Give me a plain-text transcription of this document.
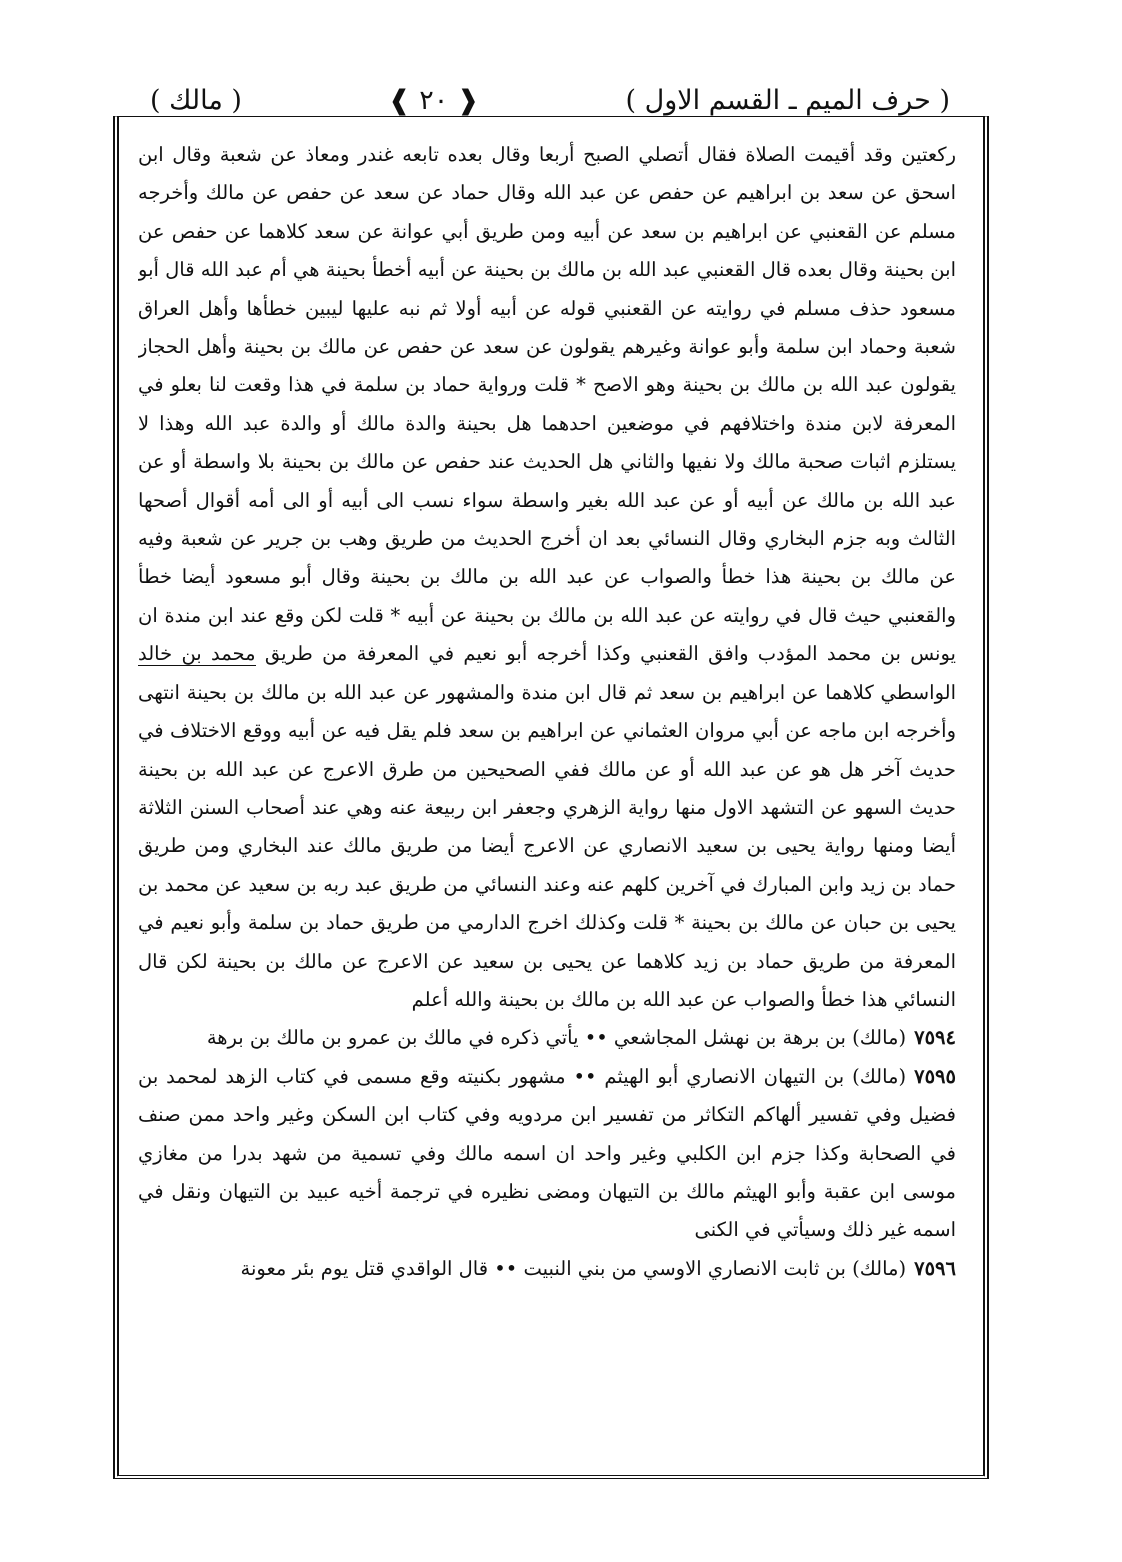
( حرف الميم ـ القسم الاول )
❰ ٢٠ ❱
( مالك )

ركعتين وقد أقيمت الصلاة فقال أتصلي الصبح أربعا وقال بعده تابعه غندر ومعاذ عن شعبة وقال ابن اسحق عن سعد بن ابراهيم عن حفص عن عبد الله وقال حماد عن سعد عن حفص عن مالك وأخرجه مسلم عن القعنبي عن ابراهيم بن سعد عن أبيه ومن طريق أبي عوانة عن سعد كلاهما عن حفص عن ابن بحينة وقال بعده قال القعنبي عبد الله بن مالك بن بحينة عن أبيه أخطأ بحينة هي أم عبد الله قال أبو مسعود حذف مسلم في روايته عن القعنبي قوله عن أبيه أولا ثم نبه عليها ليبين خطأها وأهل العراق شعبة وحماد ابن سلمة وأبو عوانة وغيرهم يقولون عن سعد عن حفص عن مالك بن بحينة وأهل الحجاز يقولون عبد الله بن مالك بن بحينة وهو الاصح * قلت ورواية حماد بن سلمة في هذا وقعت لنا بعلو في المعرفة لابن مندة واختلافهم في موضعين احدهما هل بحينة والدة مالك أو والدة عبد الله وهذا لا يستلزم اثبات صحبة مالك ولا نفيها والثاني هل الحديث عند حفص عن مالك بن بحينة بلا واسطة أو عن عبد الله بن مالك عن أبيه أو عن عبد الله بغير واسطة سواء نسب الى أبيه أو الى أمه أقوال أصحها الثالث وبه جزم البخاري وقال النسائي بعد ان أخرج الحديث من طريق وهب بن جرير عن شعبة وفيه عن مالك بن بحينة هذا خطأ والصواب عن عبد الله بن مالك بن بحينة وقال أبو مسعود أيضا خطأ والقعنبي حيث قال في روايته عن عبد الله بن مالك بن بحينة عن أبيه * قلت لكن وقع عند ابن مندة ان يونس بن محمد المؤدب وافق القعنبي وكذا أخرجه أبو نعيم في المعرفة من طريق محمد بن خالد الواسطي كلاهما عن ابراهيم بن سعد ثم قال ابن مندة والمشهور عن عبد الله بن مالك بن بحينة انتهى وأخرجه ابن ماجه عن أبي مروان العثماني عن ابراهيم بن سعد فلم يقل فيه عن أبيه ووقع الاختلاف في حديث آخر هل هو عن عبد الله أو عن مالك ففي الصحيحين من طرق الاعرج عن عبد الله بن بحينة حديث السهو عن التشهد الاول منها رواية الزهري وجعفر ابن ربيعة عنه وهي عند أصحاب السنن الثلاثة أيضا ومنها رواية يحيى بن سعيد الانصاري عن الاعرج أيضا من طريق مالك عند البخاري ومن طريق حماد بن زيد وابن المبارك في آخرين كلهم عنه وعند النسائي من طريق عبد ربه بن سعيد عن محمد بن يحيى بن حبان عن مالك بن بحينة * قلت وكذلك اخرج الدارمي من طريق حماد بن سلمة وأبو نعيم في المعرفة من طريق حماد بن زيد كلاهما عن يحيى بن سعيد عن الاعرج عن مالك بن بحينة لكن قال النسائي هذا خطأ والصواب عن عبد الله بن مالك بن بحينة والله أعلم

٧٥٩٤(مالك) بن برهة بن نهشل المجاشعي •• يأتي ذكره في مالك بن عمرو بن مالك بن برهة

٧٥٩٥(مالك) بن التيهان الانصاري أبو الهيثم •• مشهور بكنيته وقع مسمى في كتاب الزهد لمحمد بن فضيل وفي تفسير ألهاكم التكاثر من تفسير ابن مردويه وفي كتاب ابن السكن وغير واحد ممن صنف في الصحابة وكذا جزم ابن الكلبي وغير واحد ان اسمه مالك وفي تسمية من شهد بدرا من مغازي موسى ابن عقبة وأبو الهيثم مالك بن التيهان ومضى نظيره في ترجمة أخيه عبيد بن التيهان ونقل في اسمه غير ذلك وسيأتي في الكنى

٧٥٩٦(مالك) بن ثابت الانصاري الاوسي من بني النبيت •• قال الواقدي قتل يوم بئر معونة
